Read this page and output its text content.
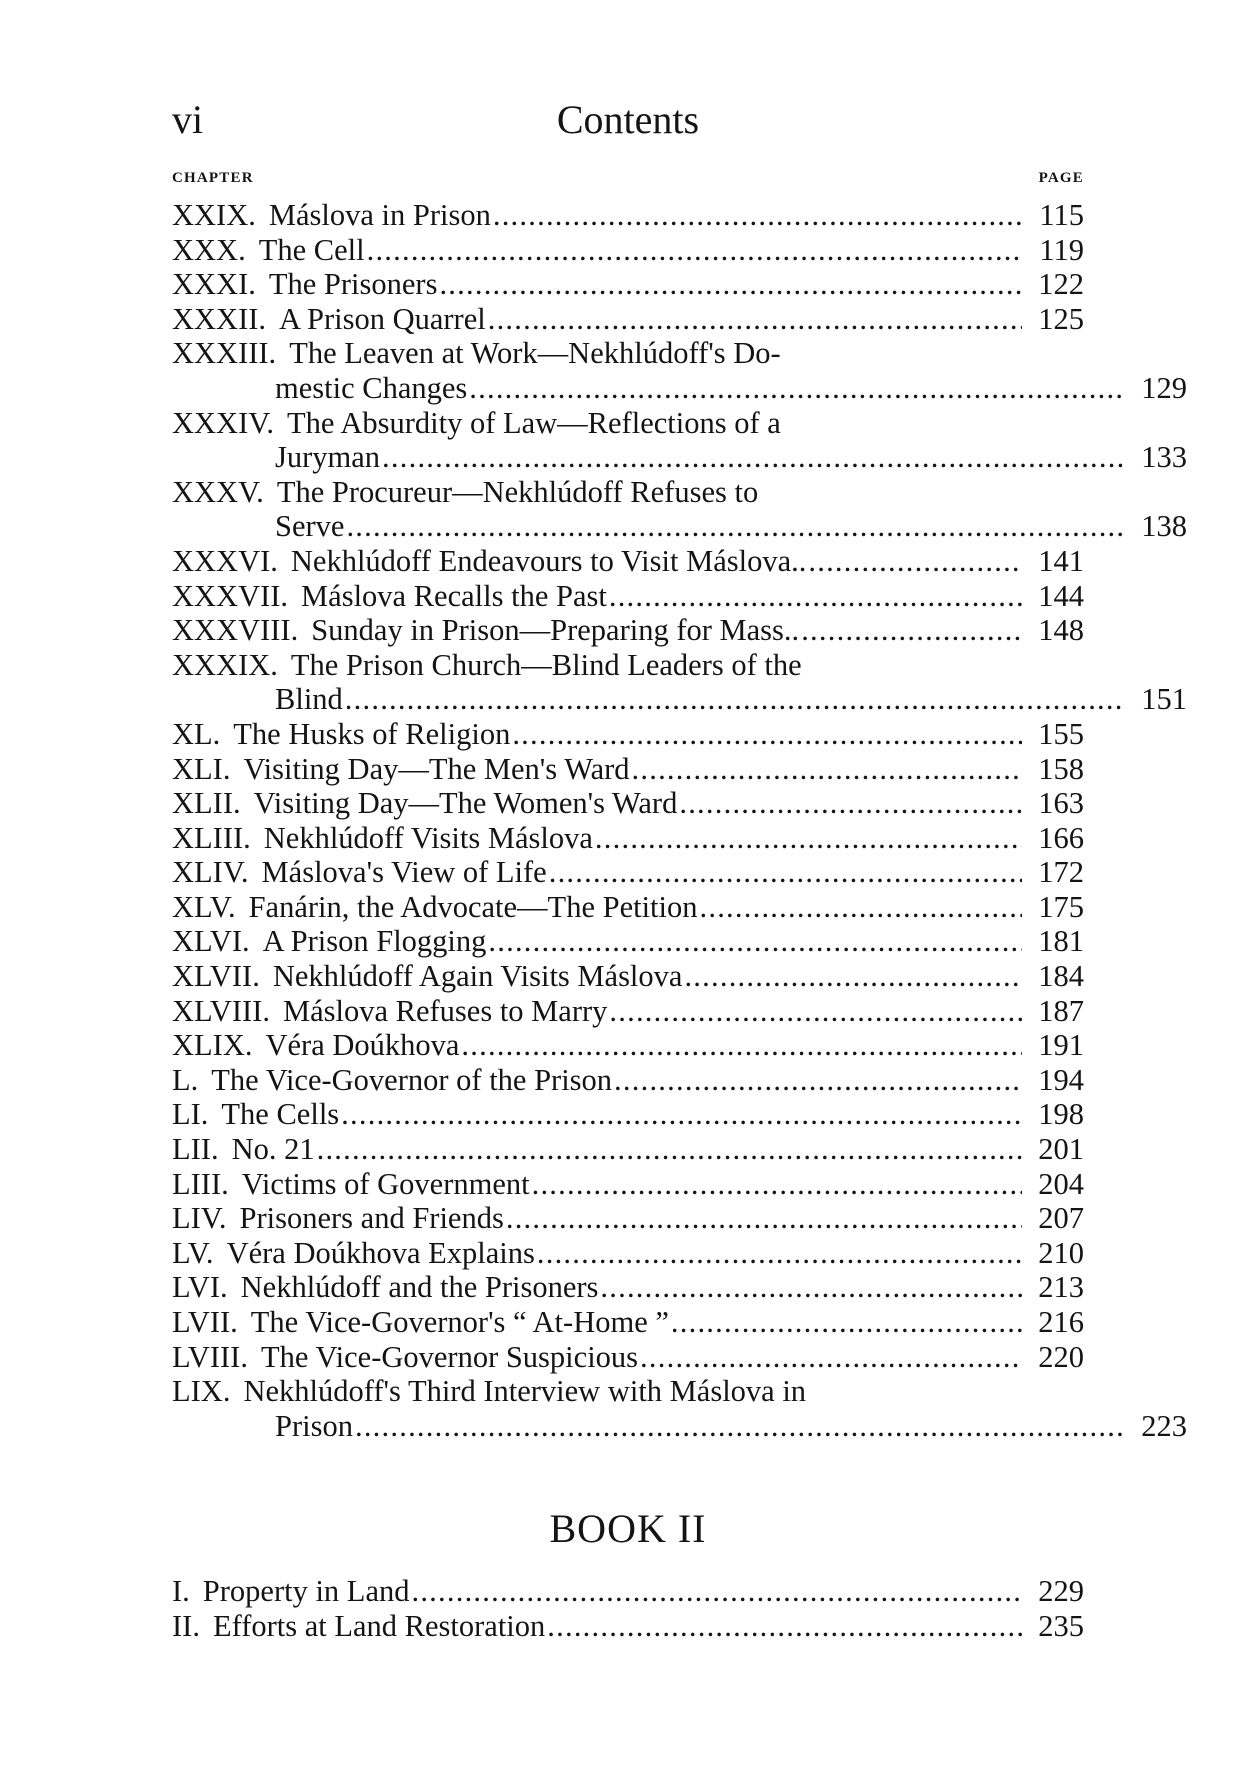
vi	Contents
CHAPTER	PAGE
XXIX. Máslova in Prison . . .	115
XXX. The Cell . . .	119
XXXI. The Prisoners . . .	122
XXXII. A Prison Quarrel . . .	125
XXXIII. The Leaven at Work—Nekhlúdoff's Do-
mestic Changes . . .	129
XXXIV. The Absurdity of Law—Reflections of a
Juryman . . .	133
XXXV. The Procureur—Nekhlúdoff Refuses to
Serve . . .	138
XXXVI. Nekhlúdoff Endeavours to Visit Máslova.. . . .	141
XXXVII. Máslova Recalls the Past . . .	144
XXXVIII. Sunday in Prison—Preparing for Mass.. . . .	148
XXXIX. The Prison Church—Blind Leaders of the
Blind . . .	151
XL. The Husks of Religion . . .	155
XLI. Visiting Day—The Men's Ward . . .	158
XLII. Visiting Day—The Women's Ward . . .	163
XLIII. Nekhlúdoff Visits Máslova . . .	166
XLIV. Máslova's View of Life . . .	172
XLV. Fanárin, the Advocate—The Petition . . .	175
XLVI. A Prison Flogging . . .	181
XLVII. Nekhlúdoff Again Visits Máslova . . .	184
XLVIII. Máslova Refuses to Marry . . .	187
XLIX. Véra Doúkhova . . .	191
L. The Vice-Governor of the Prison . . .	194
LI. The Cells . . .	198
LII. No. 21 . . .	201
LIII. Victims of Government . . .	204
LIV. Prisoners and Friends . . .	207
LV. Véra Doúkhova Explains . . .	210
LVI. Nekhlúdoff and the Prisoners . . .	213
LVII. The Vice-Governor's “ At-Home ” . . .	216
LVIII. The Vice-Governor Suspicious . . .	220
LIX. Nekhlúdoff's Third Interview with Máslova in
Prison . . .	223
BOOK II
I. Property in Land . . .	229
II. Efforts at Land Restoration . . .	235
